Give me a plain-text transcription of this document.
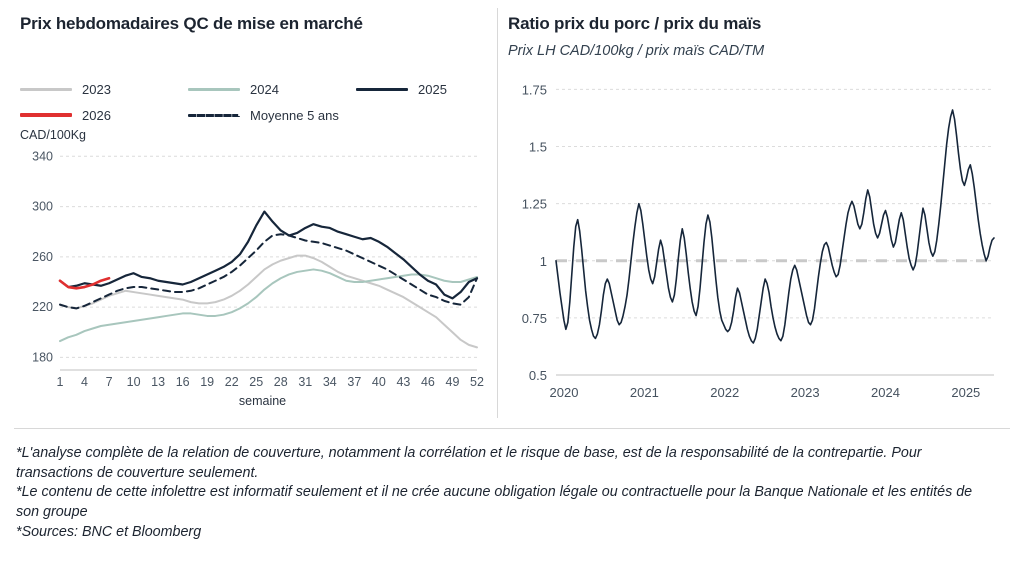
Prix hebdomadaires QC de mise en marché
2023	2024	2025
2026	Moyenne 5 ans
CAD/100Kg
180
220
260
300
340
1 4 7 10 13 16 19 22 25 28 31 34 37 40 43 46 49 52
semaine
Ratio prix du porc / prix du maïs
Prix LH CAD/100kg / prix maïs CAD/TM
0.5
0.75
1
1.25
1.5
1.75
2020	2021	2022	2023	2024	2025

*L'analyse complète de la relation de couverture, notamment la corrélation et le risque de base, est de la responsabilité de la contrepartie. Pour transactions de couverture seulement.

*Le contenu de cette infolettre est informatif seulement et il ne crée aucune obligation légale ou contractuelle pour la Banque Nationale et les entités de son groupe

*Sources: BNC et Bloomberg
